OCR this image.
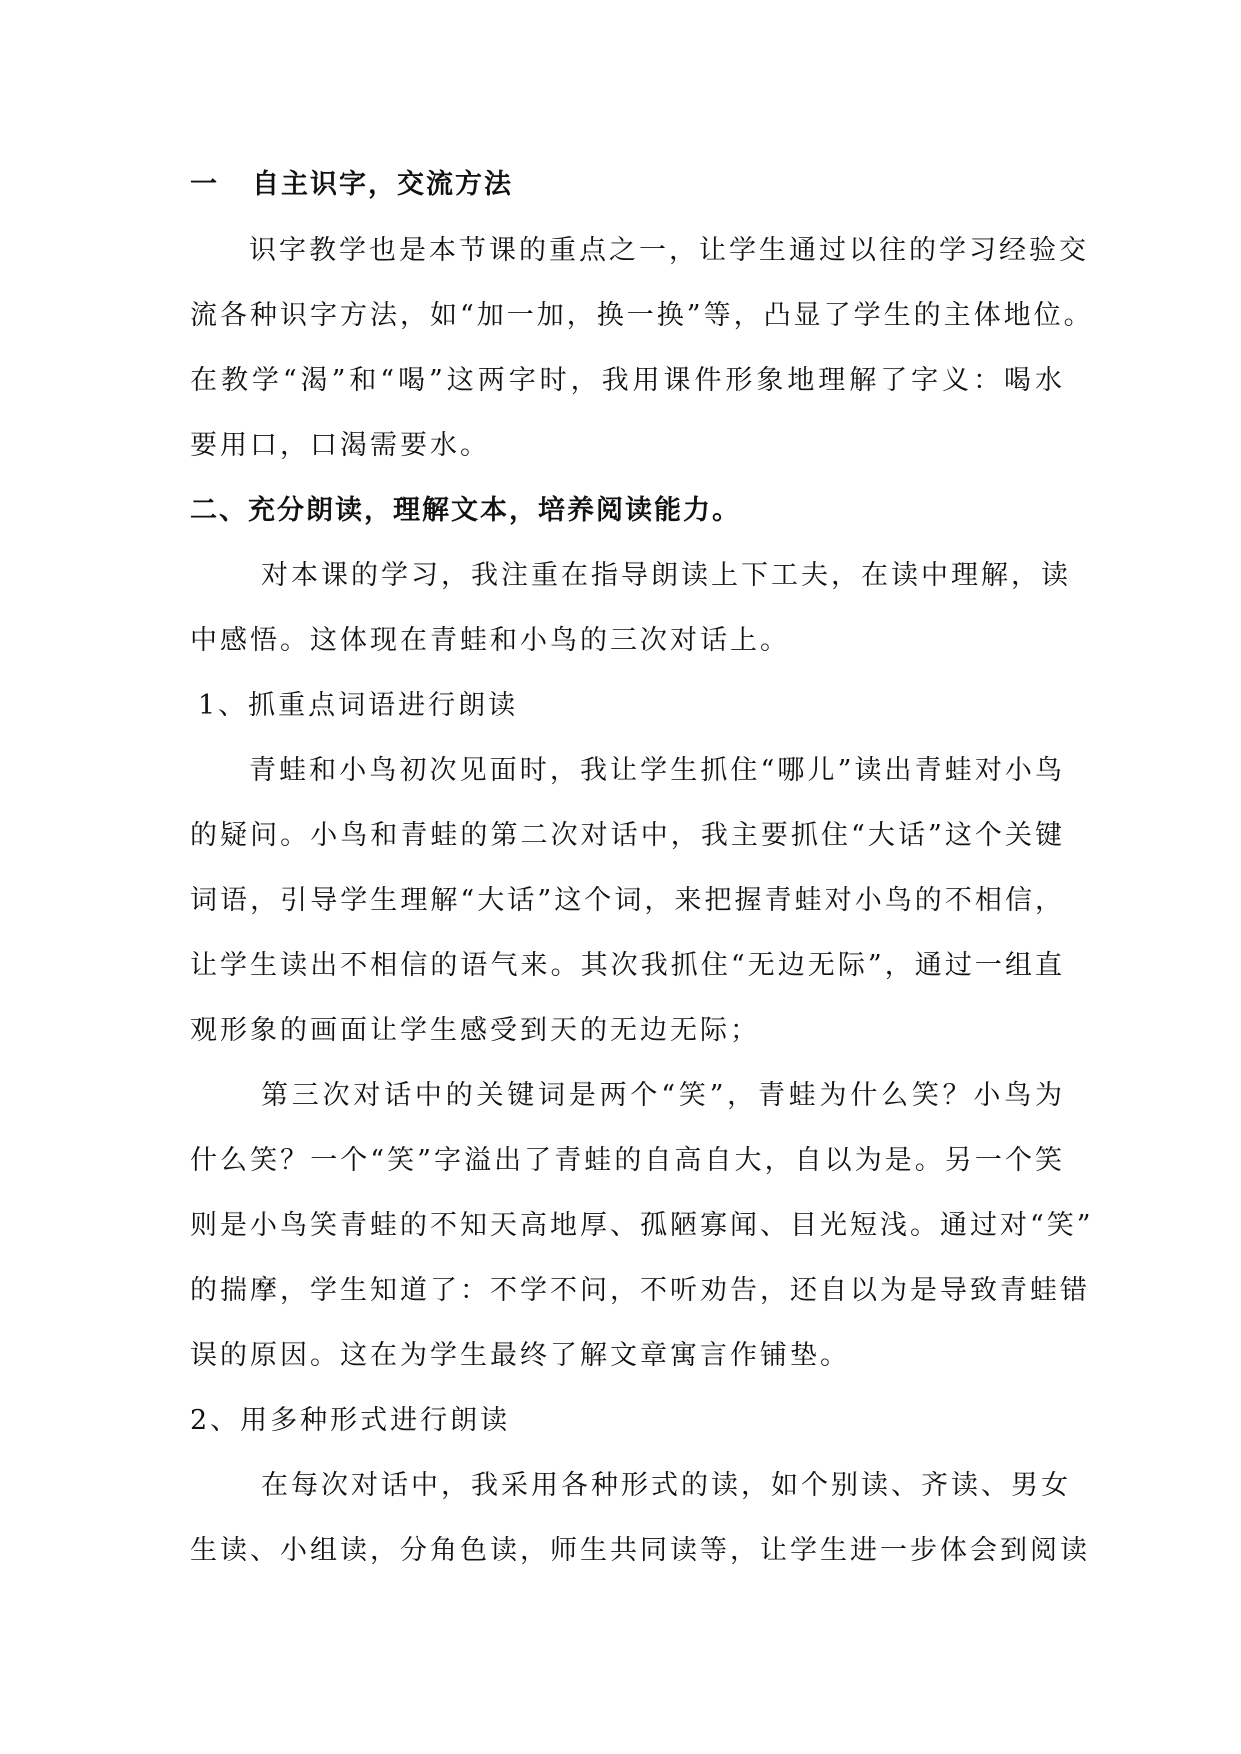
一 自主识字，交流方法
识字教学也是本节课的重点之一，让学生通过以往的学习经验交
流各种识字方法，如“加一加，换一换”等，凸显了学生的主体地位。
在教学“渴”和“喝”这两字时，我用课件形象地理解了字义：喝水
要用口，口渴需要水。
二、充分朗读，理解文本，培养阅读能力。
对本课的学习，我注重在指导朗读上下工夫，在读中理解，读
中感悟。这体现在青蛙和小鸟的三次对话上。
1、抓重点词语进行朗读
青蛙和小鸟初次见面时，我让学生抓住“哪儿”读出青蛙对小鸟
的疑问。小鸟和青蛙的第二次对话中，我主要抓住“大话”这个关键
词语，引导学生理解“大话”这个词，来把握青蛙对小鸟的不相信，
让学生读出不相信的语气来。其次我抓住“无边无际”，通过一组直
观形象的画面让学生感受到天的无边无际；
第三次对话中的关键词是两个“笑”，青蛙为什么笑？小鸟为
什么笑？一个“笑”字溢出了青蛙的自高自大，自以为是。另一个笑
则是小鸟笑青蛙的不知天高地厚、孤陋寡闻、目光短浅。通过对“笑”
的揣摩，学生知道了：不学不问，不听劝告，还自以为是导致青蛙错
误的原因。这在为学生最终了解文章寓言作铺垫。
2、用多种形式进行朗读
在每次对话中，我采用各种形式的读，如个别读、齐读、男女
生读、小组读，分角色读，师生共同读等，让学生进一步体会到阅读
